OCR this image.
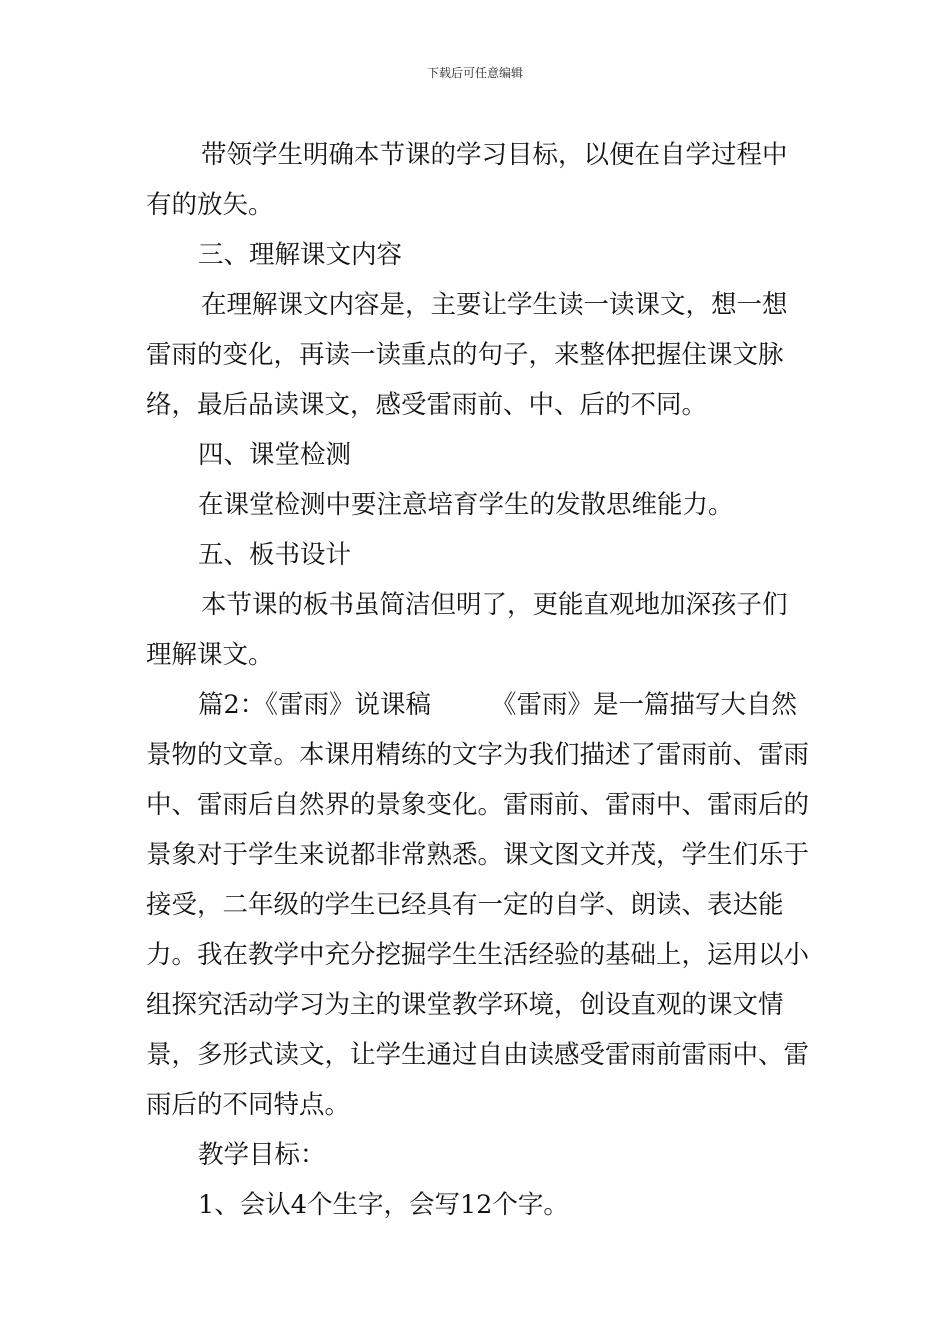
下载后可任意编辑

带领学生明确本节课的学习目标，以便在自学过程中有的放矢。

三、理解课文内容

在理解课文内容是，主要让学生读一读课文，想一想雷雨的变化，再读一读重点的句子，来整体把握住课文脉络，最后品读课文，感受雷雨前、中、后的不同。

四、课堂检测

在课堂检测中要注意培育学生的发散思维能力。

五、板书设计

本节课的板书虽简洁但明了，更能直观地加深孩子们理解课文。

篇2：《雷雨》说课稿 《雷雨》是一篇描写大自然景物的文章。本课用精练的文字为我们描述了雷雨前、雷雨中、雷雨后自然界的景象变化。雷雨前、雷雨中、雷雨后的景象对于学生来说都非常熟悉。课文图文并茂，学生们乐于接受，二年级的学生已经具有一定的自学、朗读、表达能力。我在教学中充分挖掘学生生活经验的基础上，运用以小组探究活动学习为主的课堂教学环境，创设直观的课文情景，多形式读文，让学生通过自由读感受雷雨前雷雨中、雷雨后的不同特点。

教学目标：

1、会认4个生字，会写12个字。
